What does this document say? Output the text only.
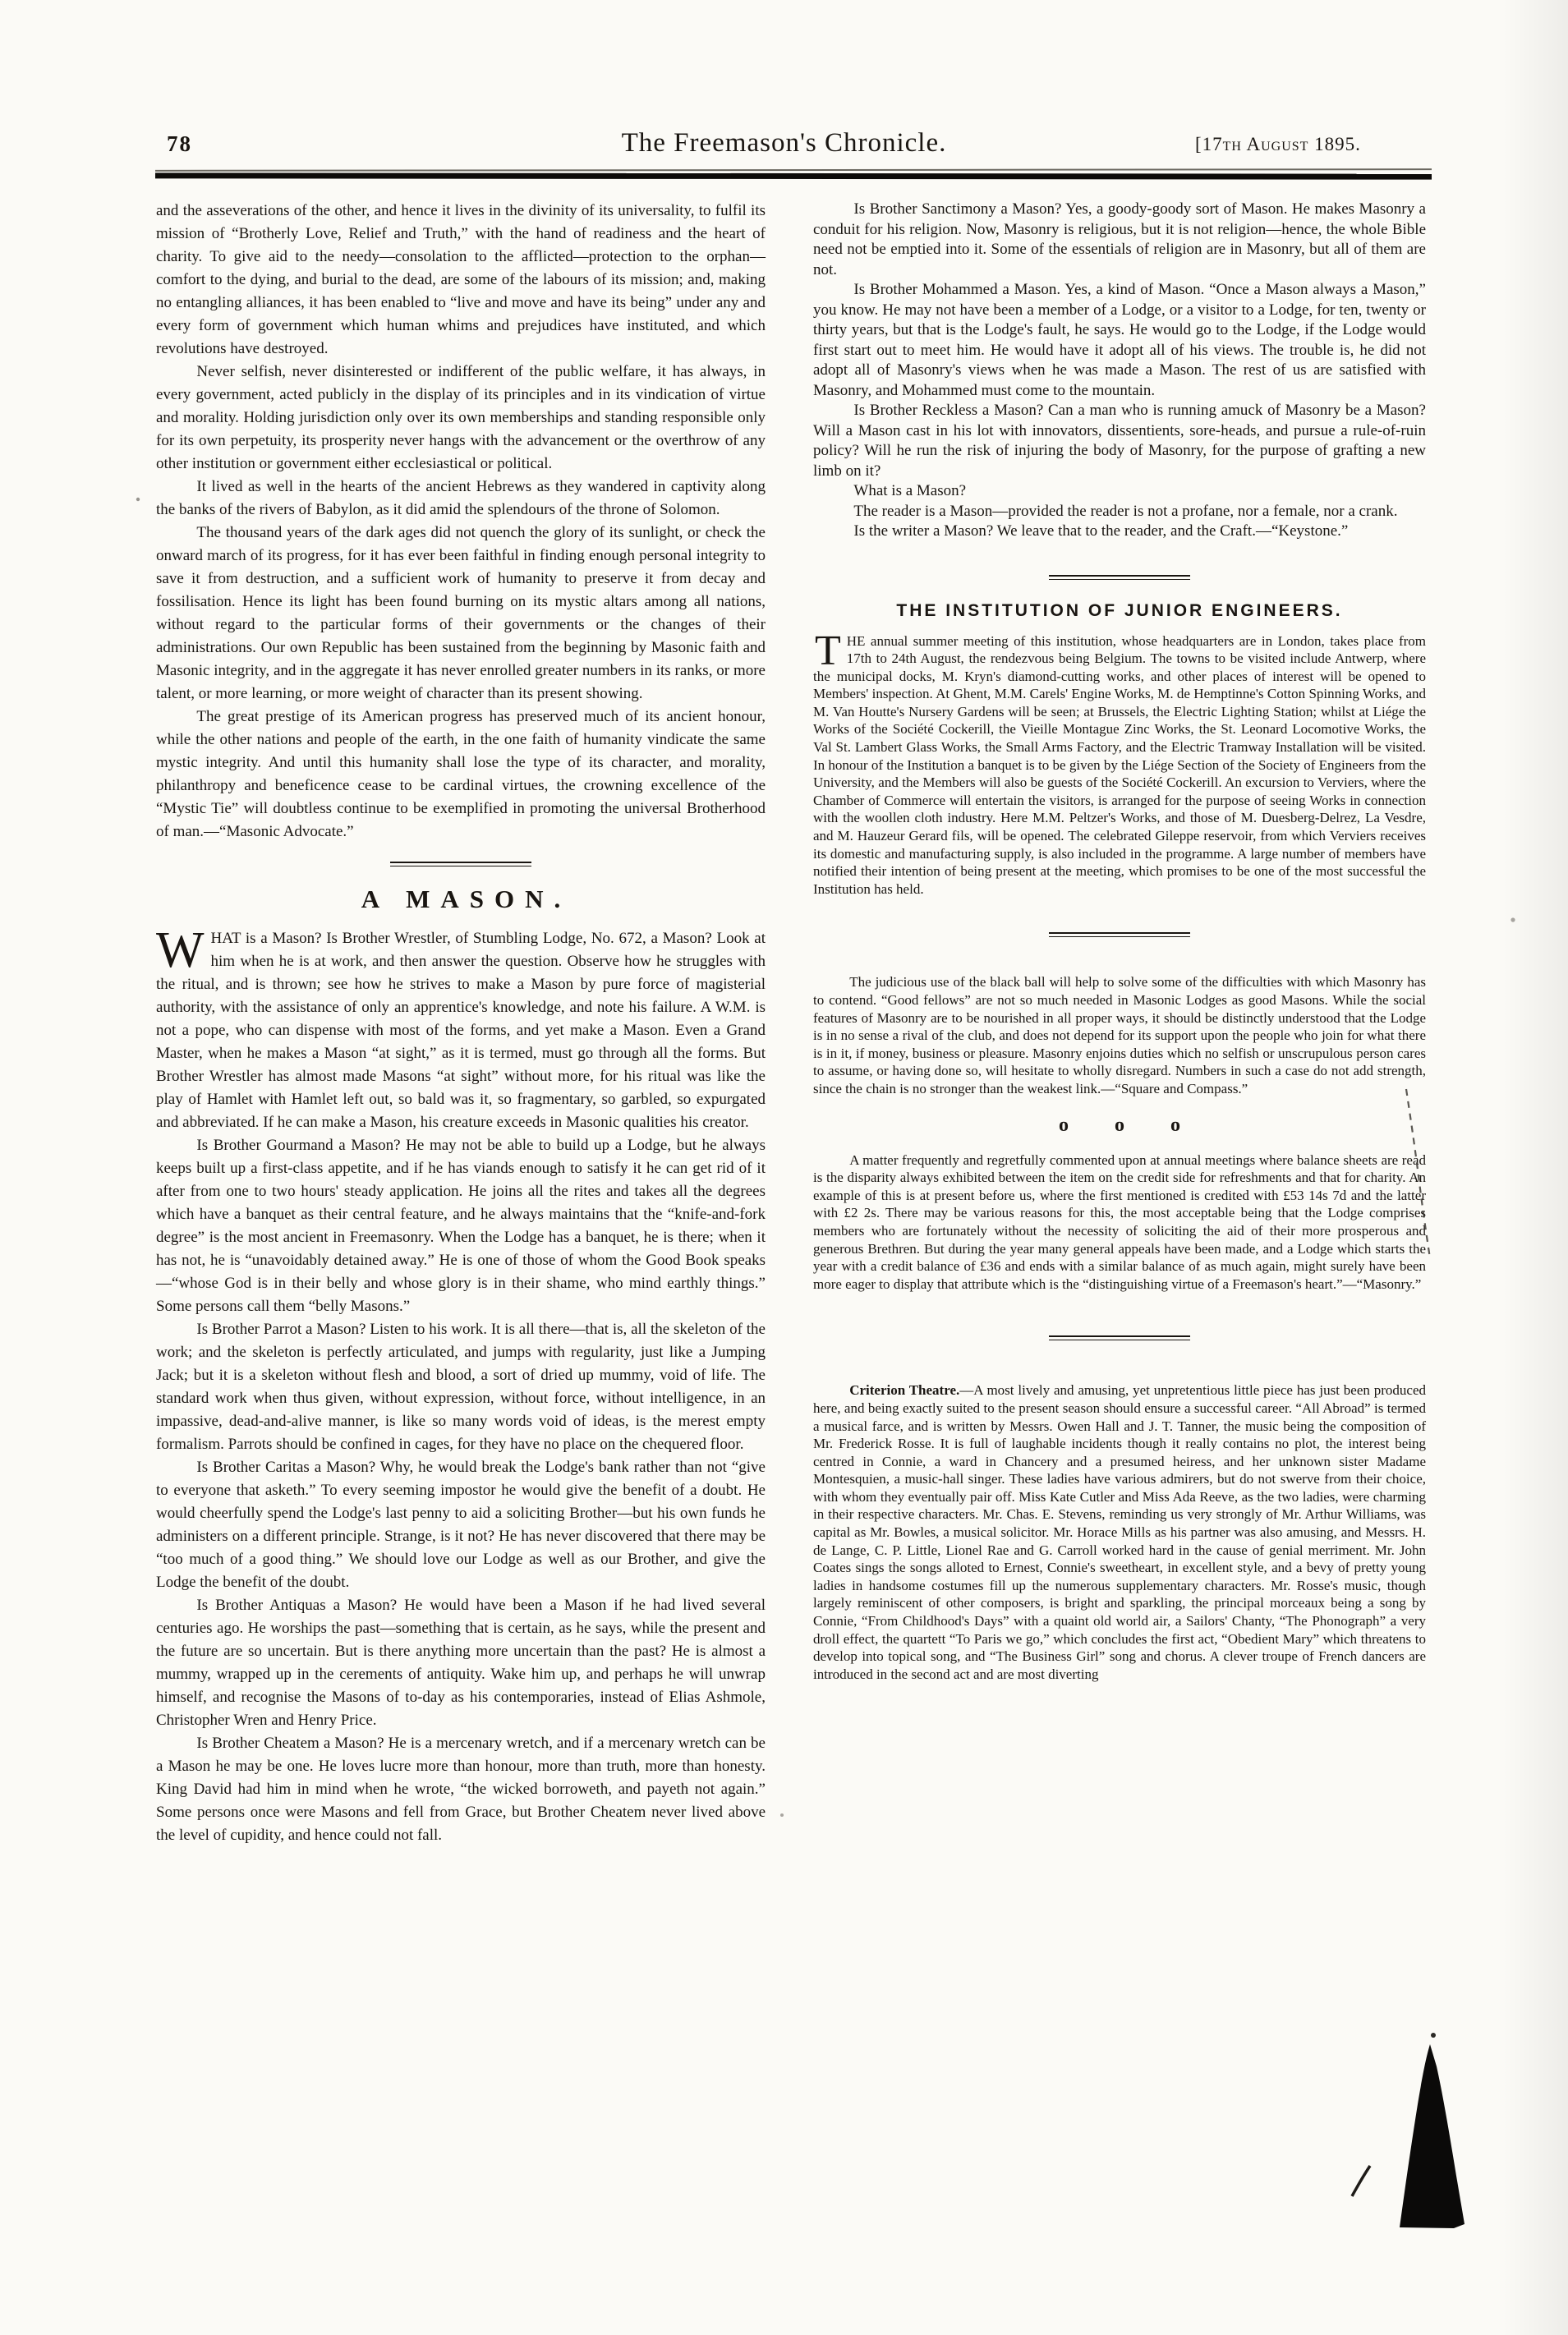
78	The Freemason's Chronicle.	[17th August 1895.

and the asseverations of the other, and hence it lives in the divinity of its universality, to fulfil its mission of “Brotherly Love, Relief and Truth,” with the hand of readiness and the heart of charity. To give aid to the needy—consolation to the afflicted—protection to the orphan—comfort to the dying, and burial to the dead, are some of the labours of its mission; and, making no entangling alliances, it has been enabled to “live and move and have its being” under any and every form of government which human whims and prejudices have instituted, and which revolutions have destroyed.

Never selfish, never disinterested or indifferent of the public welfare, it has always, in every government, acted publicly in the display of its principles and in its vindication of virtue and morality. Holding jurisdiction only over its own memberships and standing responsible only for its own perpetuity, its prosperity never hangs with the advancement or the overthrow of any other institution or government either ecclesiastical or political.

It lived as well in the hearts of the ancient Hebrews as they wandered in captivity along the banks of the rivers of Babylon, as it did amid the splendours of the throne of Solomon.

The thousand years of the dark ages did not quench the glory of its sunlight, or check the onward march of its progress, for it has ever been faithful in finding enough personal integrity to save it from destruction, and a sufficient work of humanity to preserve it from decay and fossilisation. Hence its light has been found burning on its mystic altars among all nations, without regard to the particular forms of their governments or the changes of their administrations. Our own Republic has been sustained from the beginning by Masonic faith and Masonic integrity, and in the aggregate it has never enrolled greater numbers in its ranks, or more talent, or more learning, or more weight of character than its present showing.

The great prestige of its American progress has preserved much of its ancient honour, while the other nations and people of the earth, in the one faith of humanity vindicate the same mystic integrity. And until this humanity shall lose the type of its character, and morality, philanthropy and beneficence cease to be cardinal virtues, the crowning excellence of the “Mystic Tie” will doubtless continue to be exemplified in promoting the universal Brotherhood of man.—“Masonic Advocate.”

A MASON.

WHAT is a Mason? Is Brother Wrestler, of Stumbling Lodge, No. 672, a Mason? Look at him when he is at work, and then answer the question. Observe how he struggles with the ritual, and is thrown; see how he strives to make a Mason by pure force of magisterial authority, with the assistance of only an apprentice's knowledge, and note his failure. A W.M. is not a pope, who can dispense with most of the forms, and yet make a Mason. Even a Grand Master, when he makes a Mason “at sight,” as it is termed, must go through all the forms. But Brother Wrestler has almost made Masons “at sight” without more, for his ritual was like the play of Hamlet with Hamlet left out, so bald was it, so fragmentary, so garbled, so expurgated and abbreviated. If he can make a Mason, his creature exceeds in Masonic qualities his creator.

Is Brother Gourmand a Mason? He may not be able to build up a Lodge, but he always keeps built up a first-class appetite, and if he has viands enough to satisfy it he can get rid of it after from one to two hours' steady application. He joins all the rites and takes all the degrees which have a banquet as their central feature, and he always maintains that the “knife-and-fork degree” is the most ancient in Freemasonry. When the Lodge has a banquet, he is there; when it has not, he is “unavoidably detained away.” He is one of those of whom the Good Book speaks—“whose God is in their belly and whose glory is in their shame, who mind earthly things.” Some persons call them “belly Masons.”

Is Brother Parrot a Mason? Listen to his work. It is all there—that is, all the skeleton of the work; and the skeleton is perfectly articulated, and jumps with regularity, just like a Jumping Jack; but it is a skeleton without flesh and blood, a sort of dried up mummy, void of life. The standard work when thus given, without expression, without force, without intelligence, in an impassive, dead-and-alive manner, is like so many words void of ideas, is the merest empty formalism. Parrots should be confined in cages, for they have no place on the chequered floor.

Is Brother Caritas a Mason? Why, he would break the Lodge's bank rather than not “give to everyone that asketh.” To every seeming impostor he would give the benefit of a doubt. He would cheerfully spend the Lodge's last penny to aid a soliciting Brother—but his own funds he administers on a different principle. Strange, is it not? He has never discovered that there may be “too much of a good thing.” We should love our Lodge as well as our Brother, and give the Lodge the benefit of the doubt.

Is Brother Antiquas a Mason? He would have been a Mason if he had lived several centuries ago. He worships the past—something that is certain, as he says, while the present and the future are so uncertain. But is there anything more uncertain than the past? He is almost a mummy, wrapped up in the cerements of antiquity. Wake him up, and perhaps he will unwrap himself, and recognise the Masons of to-day as his contemporaries, instead of Elias Ashmole, Christopher Wren and Henry Price.

Is Brother Cheatem a Mason? He is a mercenary wretch, and if a mercenary wretch can be a Mason he may be one. He loves lucre more than honour, more than truth, more than honesty. King David had him in mind when he wrote, “the wicked borroweth, and payeth not again.” Some persons once were Masons and fell from Grace, but Brother Cheatem never lived above the level of cupidity, and hence could not fall.

Is Brother Sanctimony a Mason? Yes, a goody-goody sort of Mason. He makes Masonry a conduit for his religion. Now, Masonry is religious, but it is not religion—hence, the whole Bible need not be emptied into it. Some of the essentials of religion are in Masonry, but all of them are not.

Is Brother Mohammed a Mason. Yes, a kind of Mason. “Once a Mason always a Mason,” you know. He may not have been a member of a Lodge, or a visitor to a Lodge, for ten, twenty or thirty years, but that is the Lodge's fault, he says. He would go to the Lodge, if the Lodge would first start out to meet him. He would have it adopt all of his views. The trouble is, he did not adopt all of Masonry's views when he was made a Mason. The rest of us are satisfied with Masonry, and Mohammed must come to the mountain.

Is Brother Reckless a Mason? Can a man who is running amuck of Masonry be a Mason? Will a Mason cast in his lot with innovators, dissentients, sore-heads, and pursue a rule-of-ruin policy? Will he run the risk of injuring the body of Masonry, for the purpose of grafting a new limb on it?

What is a Mason?

The reader is a Mason—provided the reader is not a profane, nor a female, nor a crank.

Is the writer a Mason? We leave that to the reader, and the Craft.—“Keystone.”

THE INSTITUTION OF JUNIOR ENGINEERS.

THE annual summer meeting of this institution, whose headquarters are in London, takes place from 17th to 24th August, the rendezvous being Belgium. The towns to be visited include Antwerp, where the municipal docks, M. Kryn's diamond-cutting works, and other places of interest will be opened to Members' inspection. At Ghent, M.M. Carels' Engine Works, M. de Hemptinne's Cotton Spinning Works, and M. Van Houtte's Nursery Gardens will be seen; at Brussels, the Electric Lighting Station; whilst at Liége the Works of the Société Cockerill, the Vieille Montague Zinc Works, the St. Leonard Locomotive Works, the Val St. Lambert Glass Works, the Small Arms Factory, and the Electric Tramway Installation will be visited. In honour of the Institution a banquet is to be given by the Liége Section of the Society of Engineers from the University, and the Members will also be guests of the Société Cockerill. An excursion to Verviers, where the Chamber of Commerce will entertain the visitors, is arranged for the purpose of seeing Works in connection with the woollen cloth industry. Here M.M. Peltzer's Works, and those of M. Duesberg-Delrez, La Vesdre, and M. Hauzeur Gerard fils, will be opened. The celebrated Gileppe reservoir, from which Verviers receives its domestic and manufacturing supply, is also included in the programme. A large number of members have notified their intention of being present at the meeting, which promises to be one of the most successful the Institution has held.

The judicious use of the black ball will help to solve some of the difficulties with which Masonry has to contend. “Good fellows” are not so much needed in Masonic Lodges as good Masons. While the social features of Masonry are to be nourished in all proper ways, it should be distinctly understood that the Lodge is in no sense a rival of the club, and does not depend for its support upon the people who join for what there is in it, if money, business or pleasure. Masonry enjoins duties which no selfish or unscrupulous person cares to assume, or having done so, will hesitate to wholly disregard. Numbers in such a case do not add strength, since the chain is no stronger than the weakest link.—“Square and Compass.”

o o o

A matter frequently and regretfully commented upon at annual meetings where balance sheets are read is the disparity always exhibited between the item on the credit side for refreshments and that for charity. An example of this is at present before us, where the first mentioned is credited with £53 14s 7d and the latter with £2 2s. There may be various reasons for this, the most acceptable being that the Lodge comprises members who are fortunately without the necessity of soliciting the aid of their more prosperous and generous Brethren. But during the year many general appeals have been made, and a Lodge which starts the year with a credit balance of £36 and ends with a similar balance of as much again, might surely have been more eager to display that attribute which is the “distinguishing virtue of a Freemason's heart.”—“Masonry.”

Criterion Theatre.—A most lively and amusing, yet unpretentious little piece has just been produced here, and being exactly suited to the present season should ensure a successful career. “All Abroad” is termed a musical farce, and is written by Messrs. Owen Hall and J. T. Tanner, the music being the composition of Mr. Frederick Rosse. It is full of laughable incidents though it really contains no plot, the interest being centred in Connie, a ward in Chancery and a presumed heiress, and her unknown sister Madame Montesquien, a music-hall singer. These ladies have various admirers, but do not swerve from their choice, with whom they eventually pair off. Miss Kate Cutler and Miss Ada Reeve, as the two ladies, were charming in their respective characters. Mr. Chas. E. Stevens, reminding us very strongly of Mr. Arthur Williams, was capital as Mr. Bowles, a musical solicitor. Mr. Horace Mills as his partner was also amusing, and Messrs. H. de Lange, C. P. Little, Lionel Rae and G. Carroll worked hard in the cause of genial merriment. Mr. John Coates sings the songs alloted to Ernest, Connie's sweetheart, in excellent style, and a bevy of pretty young ladies in handsome costumes fill up the numerous supplementary characters. Mr. Rosse's music, though largely reminiscent of other composers, is bright and sparkling, the principal morceaux being a song by Connie, “From Childhood's Days” with a quaint old world air, a Sailors' Chanty, “The Phonograph” a very droll effect, the quartett “To Paris we go,” which concludes the first act, “Obedient Mary” which threatens to develop into topical song, and “The Business Girl” song and chorus. A clever troupe of French dancers are introduced in the second act and are most diverting
